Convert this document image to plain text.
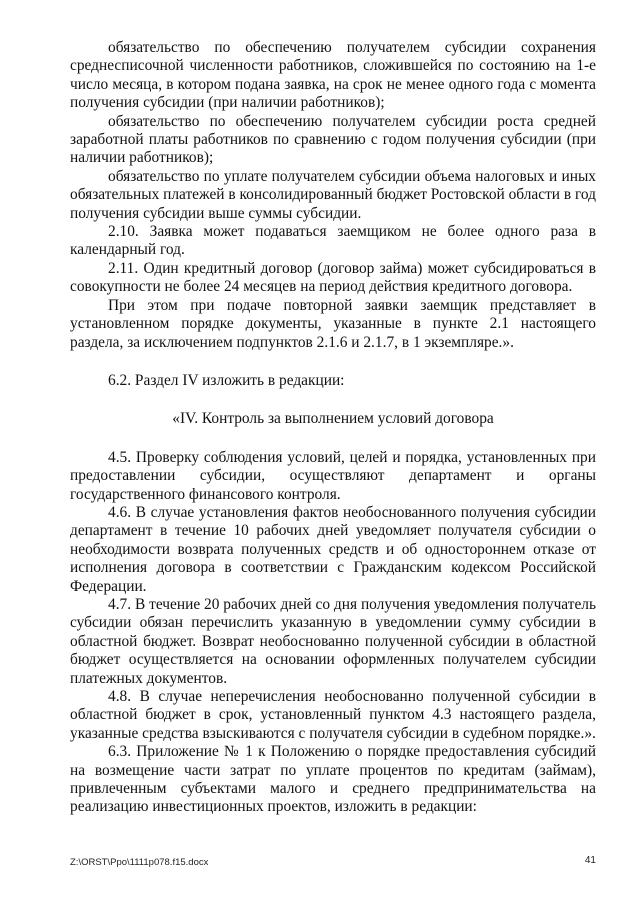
обязательство по обеспечению получателем субсидии сохранения среднесписочной численности работников, сложившейся по состоянию на 1-е число месяца, в котором подана заявка, на срок не менее одного года с момента получения субсидии (при наличии работников);

обязательство по обеспечению получателем субсидии роста средней заработной платы работников по сравнению с годом получения субсидии (при наличии работников);

обязательство по уплате получателем субсидии объема налоговых и иных обязательных платежей в консолидированный бюджет Ростовской области в год получения субсидии выше суммы субсидии.

2.10. Заявка может подаваться заемщиком не более одного раза в календарный год.

2.11. Один кредитный договор (договор займа) может субсидироваться в совокупности не более 24 месяцев на период действия кредитного договора.

При этом при подаче повторной заявки заемщик представляет в установленном порядке документы, указанные в пункте 2.1 настоящего раздела, за исключением подпунктов 2.1.6 и 2.1.7, в 1 экземпляре.».

6.2. Раздел IV изложить в редакции:

«IV. Контроль за выполнением условий договора

4.5. Проверку соблюдения условий, целей и порядка, установленных при предоставлении субсидии, осуществляют департамент и органы государственного финансового контроля.

4.6. В случае установления фактов необоснованного получения субсидии департамент в течение 10 рабочих дней уведомляет получателя субсидии о необходимости возврата полученных средств и об одностороннем отказе от исполнения договора в соответствии с Гражданским кодексом Российской Федерации.

4.7. В течение 20 рабочих дней со дня получения уведомления получатель субсидии обязан перечислить указанную в уведомлении сумму субсидии в областной бюджет. Возврат необоснованно полученной субсидии в областной бюджет осуществляется на основании оформленных получателем субсидии платежных документов.

4.8. В случае неперечисления необоснованно полученной субсидии в областной бюджет в срок, установленный пунктом 4.3 настоящего раздела, указанные средства взыскиваются с получателя субсидии в судебном порядке.».

6.3. Приложение № 1 к Положению о порядке предоставления субсидий на возмещение части затрат по уплате процентов по кредитам (займам), привлеченным субъектами малого и среднего предпринимательства на реализацию инвестиционных проектов, изложить в редакции:

Z:\ORST\Ppo\1111p078.f15.docx	41
